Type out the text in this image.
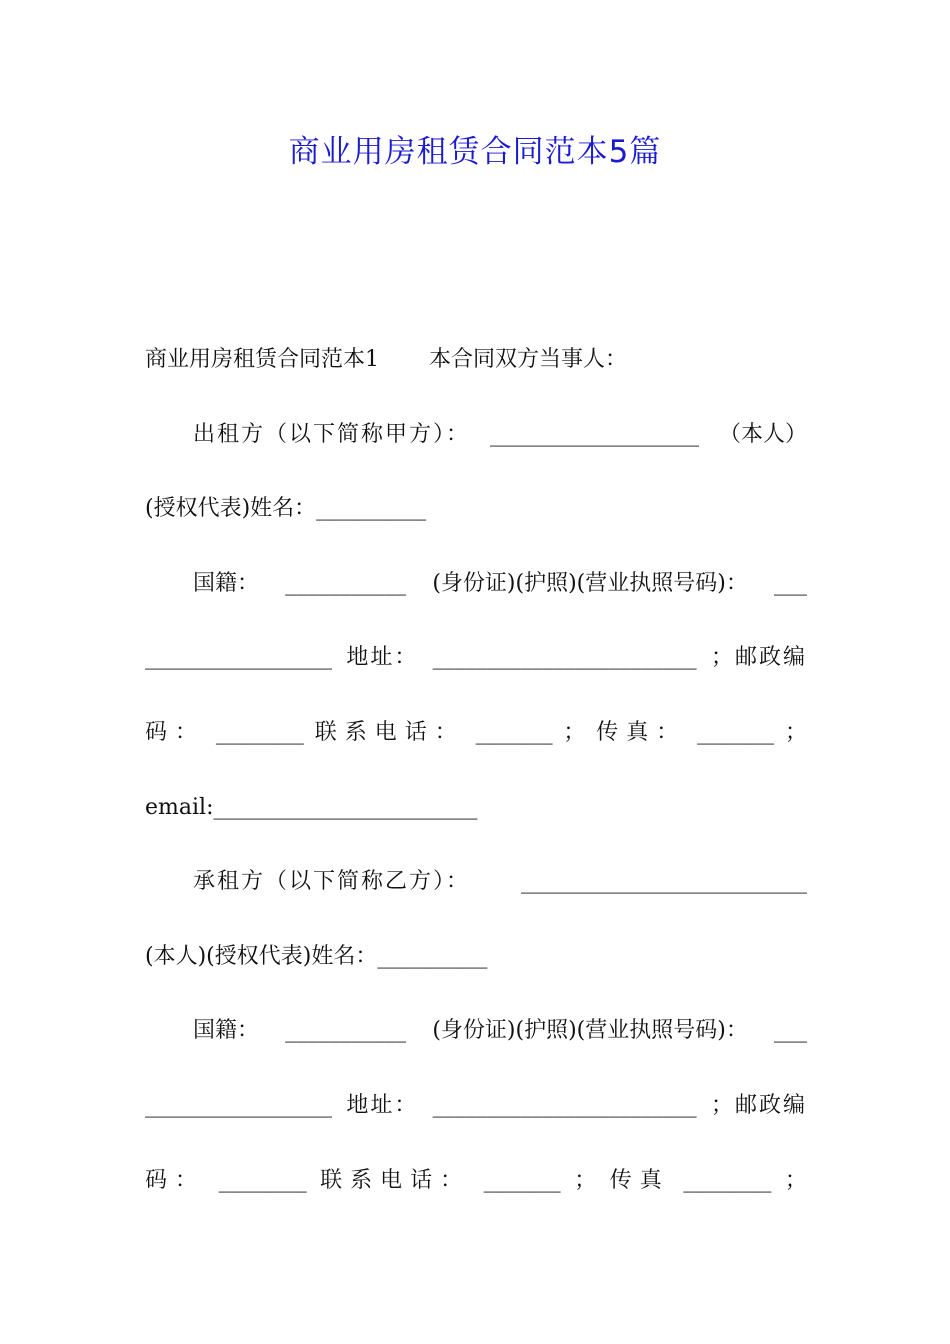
商业用房租赁合同范本5篇
商业用房租赁合同范本1 本合同双方当事人：
出租方（以下简称甲方）： ___________________ （本人）
(授权代表)姓名：__________
国籍： ___________ (身份证)(护照)(营业执照号码)： ___
_________________ 地址： ________________________ ；邮政编
码： ________ 联系电话： _______ ； 传真： _______ ；
email:________________________
承租方（以下简称乙方）： __________________________
(本人)(授权代表)姓名：__________
国籍： ___________ (身份证)(护照)(营业执照号码)： ___
_________________ 地址： ________________________ ；邮政编
码： ________ 联系电话： _______ ； 传真 ________ ；
